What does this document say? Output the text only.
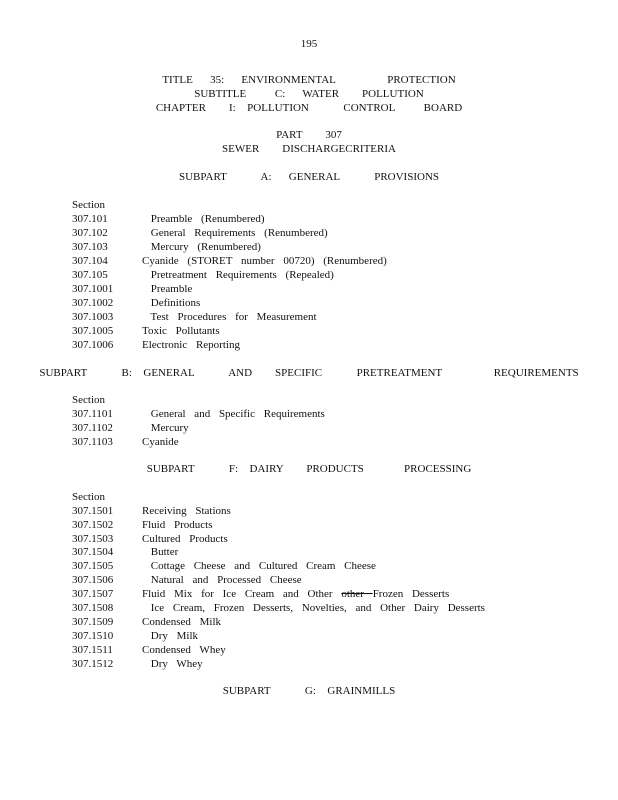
195
TITLE   35:   ENVIRONMENTAL         PROTECTION
SUBTITLE     C:   WATER    POLLUTION
CHAPTER    I:  POLLUTION      CONTROL     BOARD
PART    307
SEWER    DISCHARGECRITERIA
SUBPART      A:   GENERAL      PROVISIONS
Section
307.101	Preamble (Renumbered)
307.102	General Requirements (Renumbered)
307.103	Mercury (Renumbered)
307.104	Cyanide (STORET number 00720) (Renumbered)
307.105	Pretreatment Requirements (Repealed)
307.1001	Preamble
307.1002	Definitions
307.1003	Test Procedures for Measurement
307.1005	Toxic Pollutants
307.1006	Electronic Reporting
SUBPART      B:  GENERAL      AND    SPECIFIC      PRETREATMENT         REQUIREMENTS
Section
307.1101	General and Specific Requirements
307.1102	Mercury
307.1103	Cyanide
SUBPART      F:  DAIRY    PRODUCTS       PROCESSING
Section
307.1501	Receiving Stations
307.1502	Fluid Products
307.1503	Cultured Products
307.1504	Butter
307.1505	Cottage Cheese and Cultured Cream Cheese
307.1506	Natural and Processed Cheese
307.1507	Fluid Mix for Ice Cream and Other other Frozen Desserts
307.1508	Ice Cream, Frozen Desserts, Novelties, and Other Dairy Desserts
307.1509	Condensed Milk
307.1510	Dry Milk
307.1511	Condensed Whey
307.1512	Dry Whey
SUBPART      G:  GRAINMILLS
